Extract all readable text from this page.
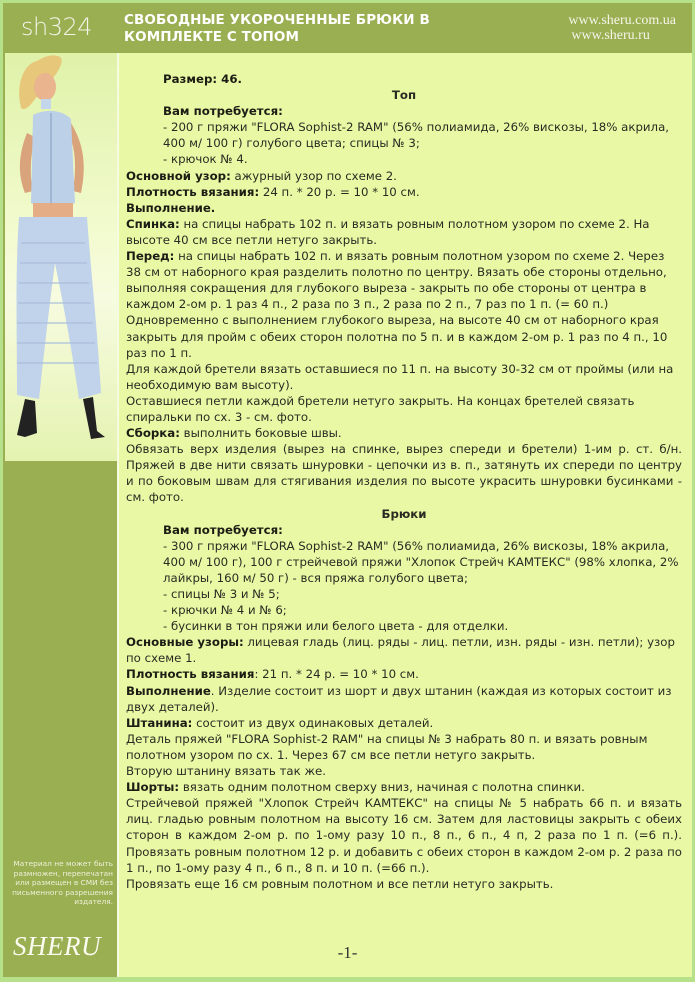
sh324 СВОБОДНЫЕ УКОРОЧЕННЫЕ БРЮКИ В
КОМПЛЕКТЕ С ТОПОМ
www.sheru.com.ua
www.sheru.ru
Материал не может быть размножен, перепечатан или размещен в СМИ без письменного разрешения издателя.
SHERU

Размер: 46.

Топ

Вам потребуется:

- 200 г пряжи "FLORA Sophist-2 RAM" (56% полиамида, 26% вискозы, 18% акрила, 400 м/ 100 г) голубого цвета; спицы № 3;

- крючок № 4.

Основной узор: ажурный узор по схеме 2.

Плотность вязания: 24 п. * 20 р. = 10 * 10 см.

Выполнение.

Спинка: на спицы набрать 102 п. и вязать ровным полотном узором по схеме 2. На высоте 40 см все петли нетуго закрыть.

Перед: на спицы набрать 102 п. и вязать ровным полотном узором по схеме 2. Через 38 см от наборного края разделить полотно по центру. Вязать обе стороны отдельно, выполняя сокращения для глубокого выреза - закрыть по обе стороны от центра в каждом 2-ом р. 1 раз 4 п., 2 раза по 3 п., 2 раза по 2 п., 7 раз по 1 п. (= 60 п.)

Одновременно с выполнением глубокого выреза, на высоте 40 см от наборного края закрыть для пройм с обеих сторон полотна по 5 п. и в каждом 2-ом р. 1 раз по 4 п., 10 раз по 1 п.

Для каждой бретели вязать оставшиеся по 11 п. на высоту 30-32 см от проймы (или на необходимую вам высоту).

Оставшиеся петли каждой бретели нетуго закрыть. На концах бретелей связать спиральки по сх. 3 - см. фото.

Сборка: выполнить боковые швы.

Обвязать верх изделия (вырез на спинке, вырез спереди и бретели) 1-им р. ст. б/н. Пряжей в две нити связать шнуровки - цепочки из в. п., затянуть их спереди по центру и по боковым швам для стягивания изделия по высоте украсить шнуровки бусинками - см. фото.

Брюки

Вам потребуется:

- 300 г пряжи "FLORA Sophist-2 RAM" (56% полиамида, 26% вискозы, 18% акрила, 400 м/ 100 г), 100 г стрейчевой пряжи "Хлопок Стрейч КАМТЕКС" (98% хлопка, 2% лайкры, 160 м/ 50 г) - вся пряжа голубого цвета;

- спицы № 3 и № 5;

- крючки № 4 и № 6;

- бусинки в тон пряжи или белого цвета - для отделки.

Основные узоры: лицевая гладь (лиц. ряды - лиц. петли, изн. ряды - изн. петли); узор по схеме 1.

Плотность вязания: 21 п. * 24 р. = 10 * 10 см.

Выполнение. Изделие состоит из шорт и двух штанин (каждая из которых состоит из двух деталей).

Штанина: состоит из двух одинаковых деталей.

Деталь пряжей "FLORA Sophist-2 RAM" на спицы № 3 набрать 80 п. и вязать ровным полотном узором по сх. 1. Через 67 см все петли нетуго закрыть.

Вторую штанину вязать так же.

Шорты: вязать одним полотном сверху вниз, начиная с полотна спинки.

Стрейчевой пряжей "Хлопок Стрейч КАМТЕКС" на спицы № 5 набрать 66 п. и вязать лиц. гладью ровным полотном на высоту 16 см. Затем для ластовицы закрыть с обеих сторон в каждом 2-ом р. по 1-ому разу 10 п., 8 п., 6 п., 4 п, 2 раза по 1 п. (=6 п.). Провязать ровным полотном 12 р. и добавить с обеих сторон в каждом 2-ом р. 2 раза по 1 п., по 1-ому разу 4 п., 6 п., 8 п. и 10 п. (=66 п.).

Провязать еще 16 см ровным полотном и все петли нетуго закрыть.

-1-
